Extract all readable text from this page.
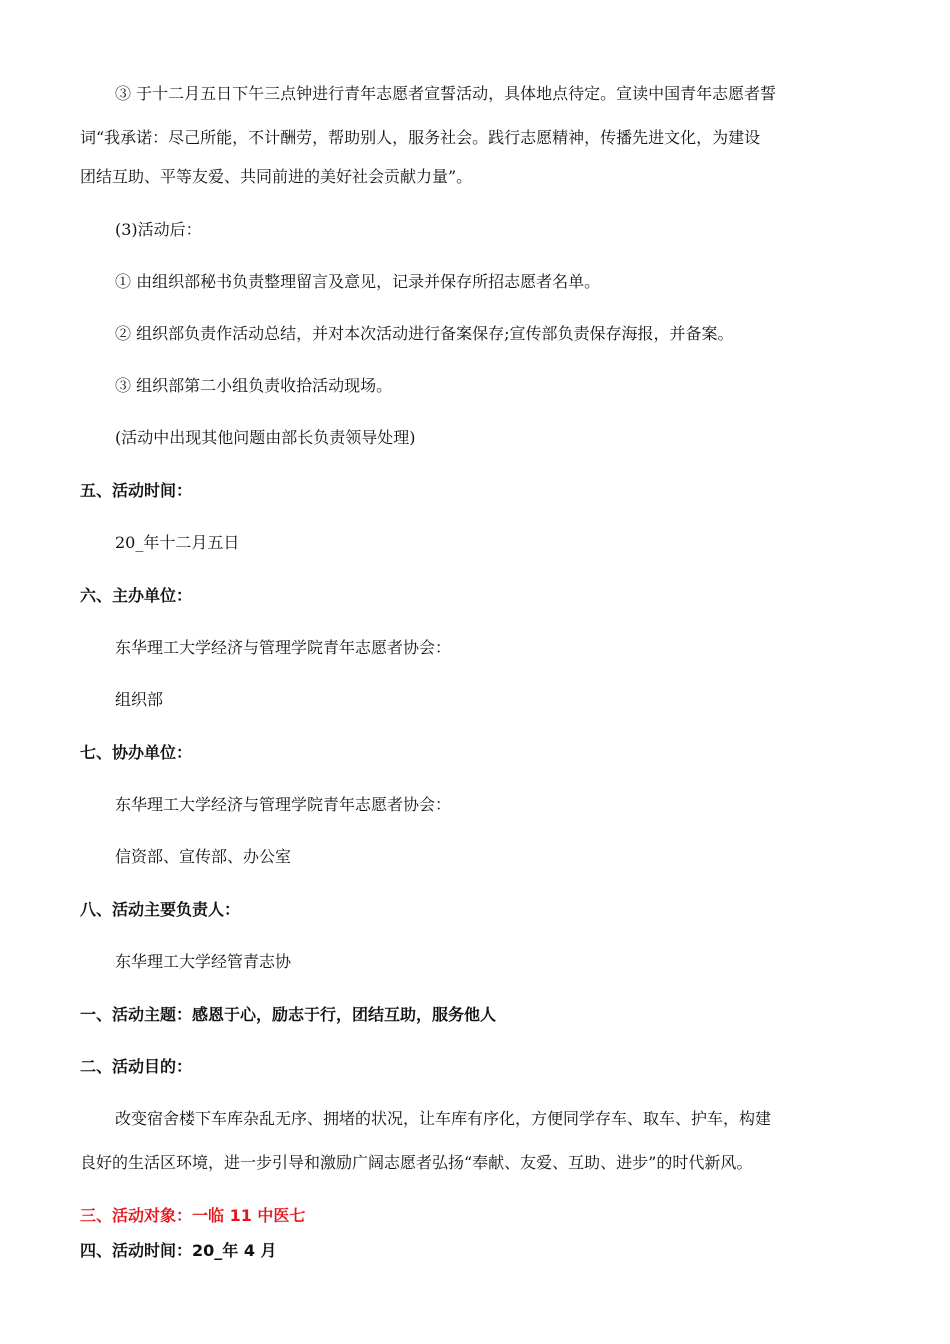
③ 于十二月五日下午三点钟进行青年志愿者宣誓活动，具体地点待定。宣读中国青年志愿者誓
词“我承诺：尽己所能，不计酬劳，帮助别人，服务社会。践行志愿精神，传播先进文化，为建设
团结互助、平等友爱、共同前进的美好社会贡献力量”。
(3)活动后：
① 由组织部秘书负责整理留言及意见，记录并保存所招志愿者名单。
② 组织部负责作活动总结，并对本次活动进行备案保存;宣传部负责保存海报，并备案。
③ 组织部第二小组负责收拾活动现场。
(活动中出现其他问题由部长负责领导处理)
五、活动时间：
20_年十二月五日
六、主办单位：
东华理工大学经济与管理学院青年志愿者协会：
组织部
七、协办单位：
东华理工大学经济与管理学院青年志愿者协会：
信资部、宣传部、办公室
八、活动主要负责人：
东华理工大学经管青志协
一、活动主题：感恩于心，励志于行，团结互助，服务他人
二、活动目的：
改变宿舍楼下车库杂乱无序、拥堵的状况，让车库有序化，方便同学存车、取车、护车，构建
良好的生活区环境，进一步引导和激励广阔志愿者弘扬“奉献、友爱、互助、进步”的时代新风。
三、活动对象：一临 11 中医七
四、活动时间：20_年 4 月
